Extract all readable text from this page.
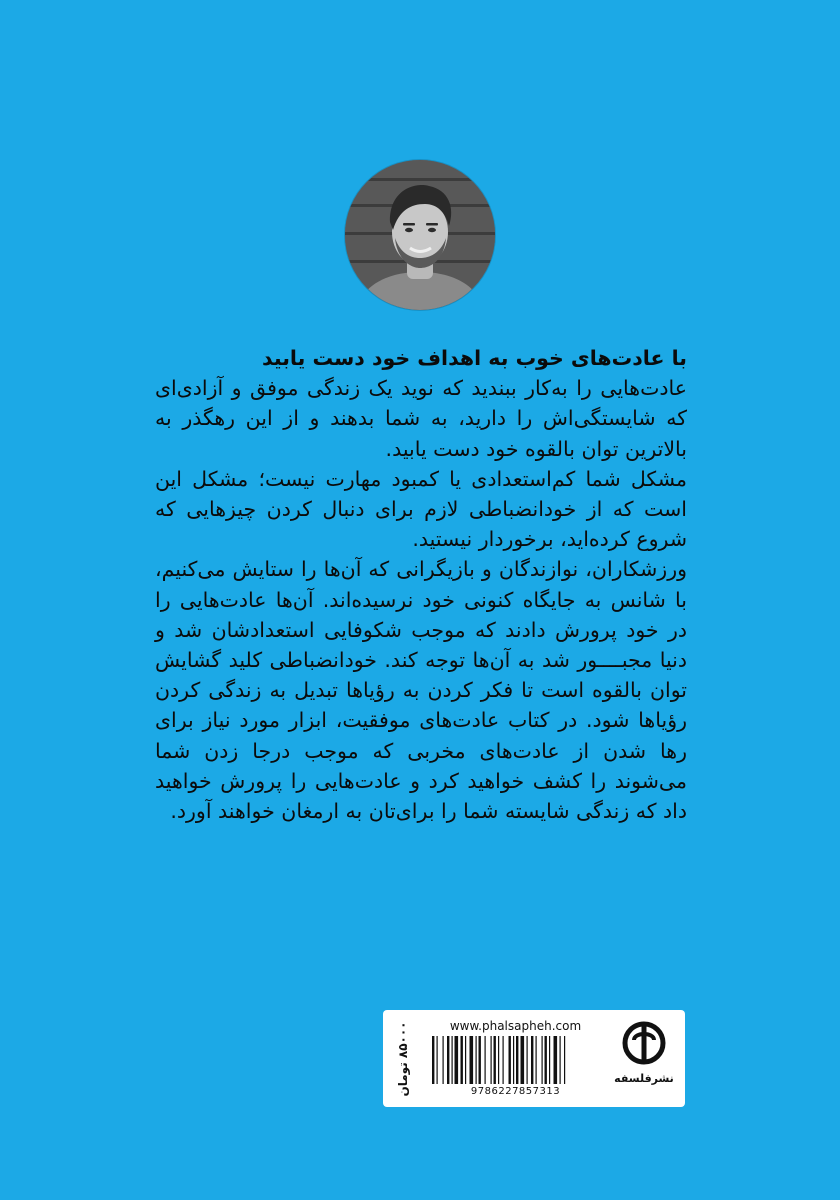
با عادت‌های خوب به اهداف خود دست یابید

عادت‌هایی را به‌کار ببندید که نوید یک زندگی موفق و آزادی‌ای که شایستگی‌اش را دارید، به شما بدهند و از این رهگذر به بالاترین توان بالقوه خود دست یابید.

مشکل شما کم‌استعدادی یا کمبود مهارت نیست؛ مشکل این است که از خودانضباطی لازم برای دنبال کردن چیزهایی که شروع کرده‌اید، برخوردار نیستید.

ورزشکاران، نوازندگان و بازیگرانی که آن‌ها را ستایش می‌کنیم، با شانس به جایگاه کنونی خود نرسیده‌اند. آن‌ها عادت‌هایی را در خود پرورش دادند که موجب شکوفایی استعدادشان شد و دنیا مجبــــور شد به آن‌ها توجه کند. خودانضباطی کلید گشایش توان بالقوه است تا فکر کردن به رؤیاها تبدیل به زندگی کردن رؤیاها شود. در کتاب عادت‌های موفقیت، ابزار مورد نیاز برای رها شدن از عادت‌های مخربی که موجب درجا زدن شما می‌شوند را کشف خواهید کرد و عادت‌هایی را پرورش خواهید داد که زندگی شایسته شما را برای‌تان به ارمغان خواهند آورد.

۸۵۰۰۰ تومان	www.phalsapheh.com
9786227857313
نشرفلسفه
